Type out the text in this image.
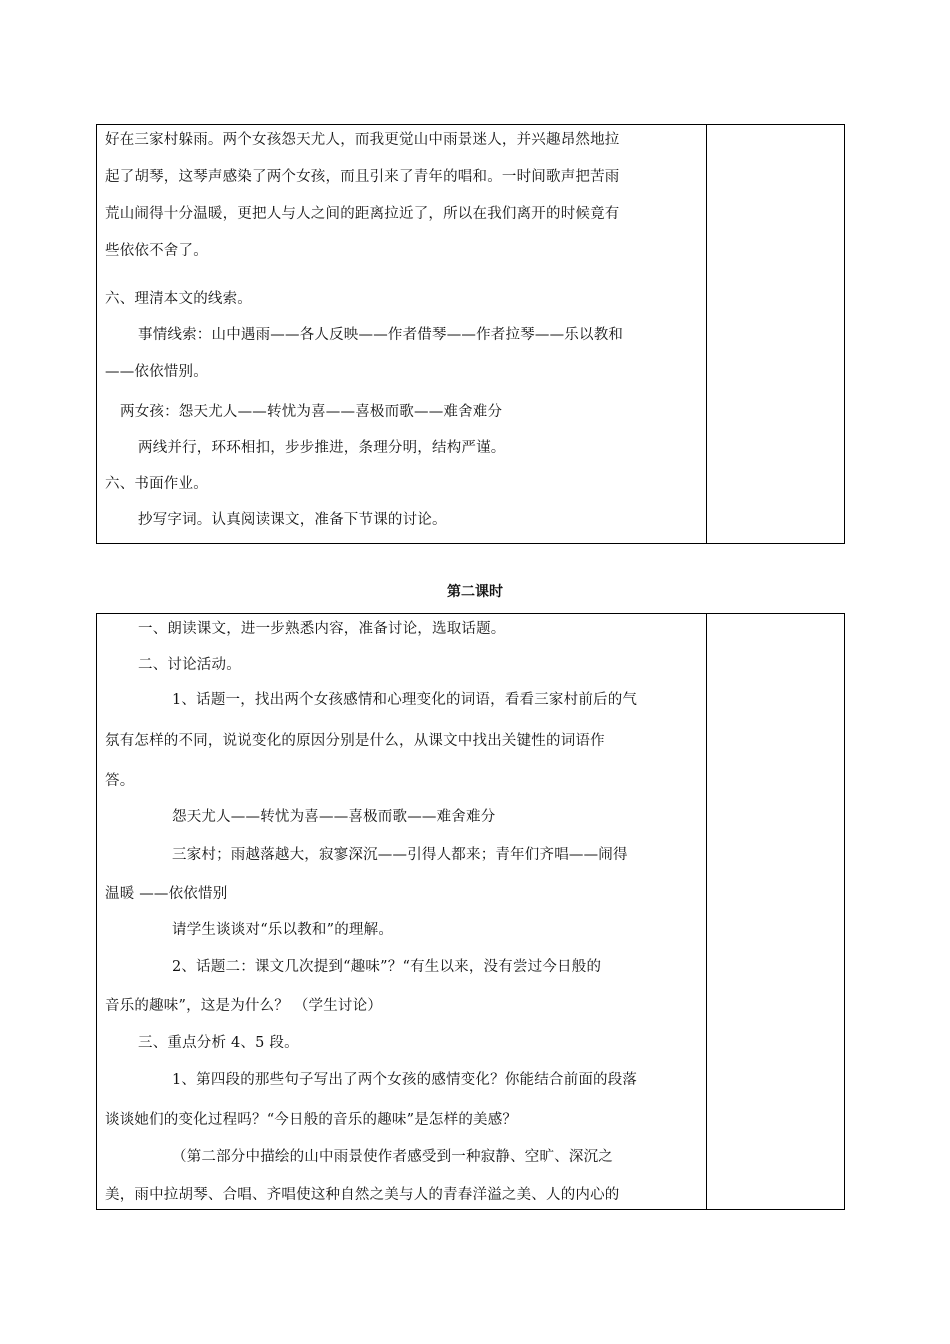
好在三家村躲雨。两个女孩怨天尤人，而我更觉山中雨景迷人，并兴趣昂然地拉
起了胡琴，这琴声感染了两个女孩，而且引来了青年的唱和。一时间歌声把苦雨
荒山闹得十分温暖，更把人与人之间的距离拉近了，所以在我们离开的时候竟有
些依依不舍了。
六、理清本文的线索。
事情线索：山中遇雨——各人反映——作者借琴——作者拉琴——乐以教和
——依依惜别。
两女孩：怨天尤人——转忧为喜——喜极而歌——难舍难分
两线并行，环环相扣，步步推进，条理分明，结构严谨。
六、书面作业。
抄写字词。认真阅读课文，准备下节课的讨论。
第二课时
一、朗读课文，进一步熟悉内容，准备讨论，选取话题。
二、讨论活动。
1、话题一，找出两个女孩感情和心理变化的词语，看看三家村前后的气
氛有怎样的不同，说说变化的原因分别是什么，从课文中找出关键性的词语作
答。
怨天尤人——转忧为喜——喜极而歌——难舍难分
三家村；雨越落越大，寂寥深沉——引得人都来；青年们齐唱——闹得
温暖 ——依依惜别
请学生谈谈对“乐以教和”的理解。
2、话题二：课文几次提到“趣味”？“有生以来，没有尝过今日般的
音乐的趣味”，这是为什么？ （学生讨论）
三、重点分析 4、5 段。
1、第四段的那些句子写出了两个女孩的感情变化？你能结合前面的段落
谈谈她们的变化过程吗？“今日般的音乐的趣味”是怎样的美感？
（第二部分中描绘的山中雨景使作者感受到一种寂静、空旷、深沉之
美，雨中拉胡琴、合唱、齐唱使这种自然之美与人的青春洋溢之美、人的内心的
